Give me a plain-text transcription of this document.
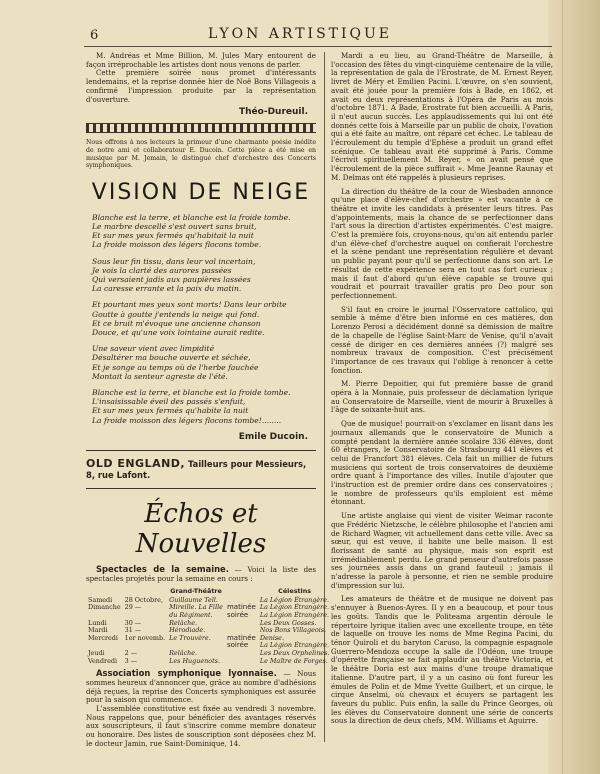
6	LYON ARTISTIQUE

M. Andréas et Mme Billion, M. Jules Mary entourent de façon irréprochable les artistes dont nous venons de parler.

Cette première soirée nous promet d'intéressants lendemains, et la reprise donnée hier de Noë Bons Villageois a confirmé l'impression produite par la représentation d'ouverture.

Théo-Dureuil.

Nous offrons à nos lecteurs la primeur d'une charmante poésie inédite de notre ami et collaborateur E. Ducoin. Cette pièce a été mise en musique par M. Jemain, le distingué chef d'orchestre des Concerts symphoniques.

VISION DE NEIGE
Blanche est la terre, et blanche est la froide tombe.
Le marbre descellé s'est ouvert sans bruit,
Et sur mes yeux fermés qu'habitait la nuit
La froide moisson des légers flocons tombe.
Sous leur fin tissu, dans leur vol incertain,
Je vois la clarté des aurores passées
Qui versaient jadis aux paupières lassées
La caresse errante et la paix du matin.
Et pourtant mes yeux sont morts! Dans leur orbite
Goutte à goutte j'entends la neige qui fond.
Et ce bruit m'évoque une ancienne chanson
Douce, et qu'une voix lointaine aurait redite.
Une saveur vient avec limpidité
Désaltérer ma bouche ouverte et séchée,
Et je songe au temps où de l'herbe fauchée
Montait la senteur agreste de l'été.
Blanche est la terre, et blanche est la froide tombe.
L'insaisissable éveil des passés s'enfuit,
Et sur mes yeux fermés qu'habite la nuit
La froide moisson des légers flocons tombe!........
Emile Ducoin.
OLD ENGLAND, Tailleurs pour Messieurs, 8, rue Lafont.
Échos et Nouvelles

Spectacles de la semaine. — Voici la liste des spectacles projetés pour la semaine en cours :

		Grand-Théâtre		Célestins
Samedi	28 Octobre,	Guillaume Tell.		La Légion Étrangère.
Dimanche	29 —	Mireille. La Fille	matinée	La Légion Étrangère.
		du Régiment.	soirée	La Légion Étrangère.
Lundi	30 —	Relâche.		Les Deux Gosses.
Mardi	31 —	Hérodiade.		Nos Bons Villageois.
Mercredi	1er novemb.	Le Trouvère.	matinée	Denise.
			soirée	La Légion Étrangère.
Jeudi	2 —	Relâche.		Les Deux Orphelines.
Vendredi	3 —	Les Huguenots.		Le Maître de Forges.

Association symphonique lyonnaise. — Nous sommes heureux d'annoncer que, grâce au nombre d'adhésions déjà reçues, la reprise des Concerts symphoniques est assurée pour la saison qui commence.

L'assemblée constitutive est fixée au vendredi 3 novembre. Nous rappelons que, pour bénéficier des avantages réservés aux souscripteurs, il faut s'inscrire comme membre donateur ou honoraire. Des listes de souscription sont déposées chez M. le docteur Jamin, rue Saint-Dominique, 14.

Mardi a eu lieu, au Grand-Théâtre de Marseille, à l'occasion des fêtes du vingt-cinquième centenaire de la ville, la représentation de gala de l'Erostrate, de M. Ernest Reyer, livret de Méry et Emilien Pacini. L'œuvre, on s'en souvient, avait été jouée pour la première fois à Bade, en 1862, et avait eu deux représentations à l'Opéra de Paris au mois d'octobre 1871. A Bade, Erostrate fut bien accueilli. A Paris, il n'eut aucun succès. Les applaudissements qui lui ont été donnés cette fois à Marseille par un public de choix, l'ovation qui a été faite au maître, ont réparé cet échec. Le tableau de l'écroulement du temple d'Ephèse a produit un grand effet scénique. Ce tableau avait été supprimé à Paris. Comme l'écrivit spirituellement M. Reyer, « on avait pensé que l'écroulement de la pièce suffirait ». Mme Jeanne Raunay et M. Delmas ont été rappelés à plusieurs reprises.

La direction du théâtre de la cour de Wiesbaden annonce qu'une place d'élève-chef d'orchestre » est vacante à ce théâtre et invite les candidats à présenter leurs titres. Pas d'appointements, mais la chance de se perfectionner dans l'art sous la direction d'artistes expérimentés. C'est maigre. C'est la première fois, croyons-nous, qu'on ait entendu parler d'un élève-chef d'orchestre auquel on confierait l'orchestre et la scène pendant une représentation régulière et devant un public payant pour qu'il se perfectionne dans son art. Le résultat de cette expérience sera en tout cas fort curieux ; mais il faut d'abord qu'un élève capable se trouve qui voudrait et pourrait travailler gratis pro Deo pour son perfectionnement.

S'il faut en croire le journal l'Osservatore cattolico, qui semble à même d'être bien informé en ces matières, don Lorenzo Perosi a décidément donné sa démission de maître de la chapelle de l'église Saint-Marc de Venise, qu'il n'avait cessé de diriger en ces dernières années (?) malgré ses nombreux travaux de composition. C'est précisément l'importance de ces travaux qui l'oblige à renoncer à cette fonction.

M. Pierre Depoitier, qui fut première basse de grand opéra à la Monnaie, puis professeur de déclamation lyrique au Conservatoire de Marseille, vient de mourir à Bruxelles à l'âge de soixante-huit ans.

Que de musique! pourrait-on s'exclamer en lisant dans les journaux allemands que le conservatoire de Munich a compté pendant la dernière année scolaire 336 élèves, dont 60 étrangers, le Conservatoire de Strasbourg 441 élèves et celui de Francfort 381 élèves. Cela fait un millier de futurs musiciens qui sortent de trois conservatoires de deuxième ordre quant à l'importance des villes. Inutile d'ajouter que l'instruction est de premier ordre dans ces conservatoires ; le nombre de professeurs qu'ils emploient est même étonnant.

Une artiste anglaise qui vient de visiter Weimar raconte que Frédéric Nietzsche, le célèbre philosophe et l'ancien ami de Richard Wagner, vit actuellement dans cette ville. Avec sa sœur, qui est veuve, il habite une belle maison. Il est florissant de santé au physique, mais son esprit est irrémédiablement perdu. Le grand penseur d'autrefois passe ses journées assis dans un grand fauteuil ; jamais il n'adresse la parole à personne, et rien ne semble produire d'impression sur lui.

Les amateurs de théâtre et de musique ne doivent pas s'ennuyer à Buenos-Ayres. Il y en a beaucoup, et pour tous les goûts. Tandis que le Politeama argentin déroule le répertoire lyrique italien avec une excellente troupe, en tête de laquelle on trouve les noms de Mme Regina Pacini, du ténor Quiroli et du baryton Caruso, la compagnie espagnole Guerrero-Mendoza occupe la salle de l'Odéon, une troupe d'opérette française se fait applaudir au théâtre Victoria, et le théâtre Doria est aux mains d'une troupe dramatique italienne. D'autre part, il y a un casino où font fureur les émules de Polin et de Mme Yvette Guilbert, et un cirque, le cirque Anselmi, où chevaux et écuyers se partagent les faveurs du public. Puis enfin, la salle du Prince Georges, où les élèves du Conservatoire donnent une série de concerts sous la direction de deux chefs, MM. Williams et Aguirre.
